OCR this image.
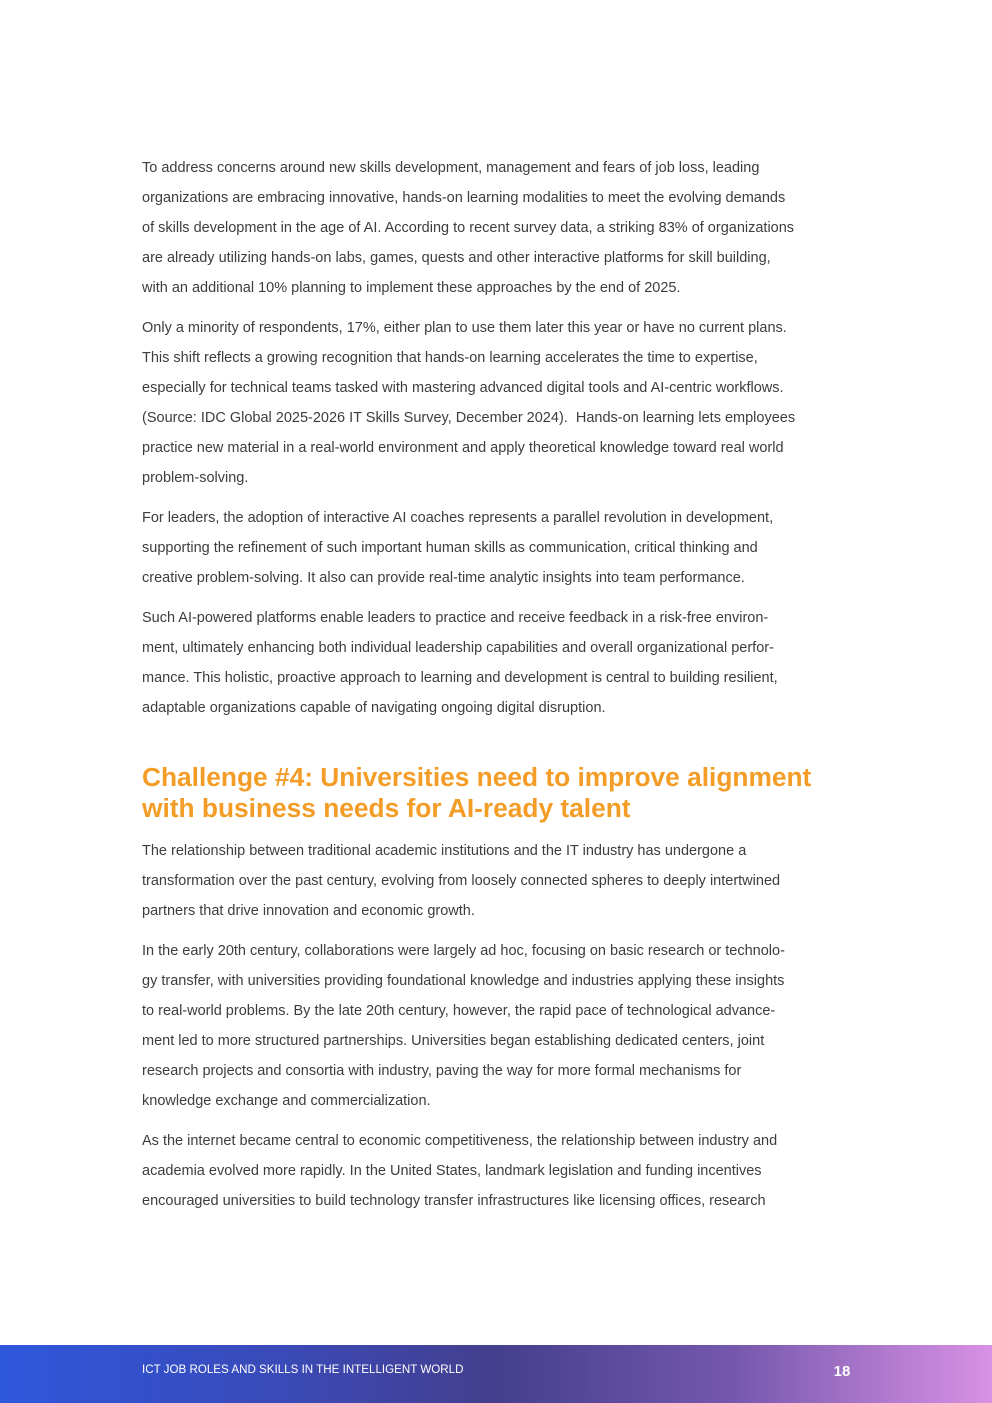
To address concerns around new skills development, management and fears of job loss, leading
organizations are embracing innovative, hands-on learning modalities to meet the evolving demands
of skills development in the age of AI. According to recent survey data, a striking 83% of organizations
are already utilizing hands-on labs, games, quests and other interactive platforms for skill building,
with an additional 10% planning to implement these approaches by the end of 2025.

Only a minority of respondents, 17%, either plan to use them later this year or have no current plans.
This shift reflects a growing recognition that hands-on learning accelerates the time to expertise,
especially for technical teams tasked with mastering advanced digital tools and AI-centric workflows.
(Source: IDC Global 2025-2026 IT Skills Survey, December 2024).  Hands-on learning lets employees
practice new material in a real-world environment and apply theoretical knowledge toward real world
problem-solving.

For leaders, the adoption of interactive AI coaches represents a parallel revolution in development,
supporting the refinement of such important human skills as communication, critical thinking and
creative problem-solving. It also can provide real-time analytic insights into team performance.

Such AI-powered platforms enable leaders to practice and receive feedback in a risk-free environ-
ment, ultimately enhancing both individual leadership capabilities and overall organizational perfor-
mance. This holistic, proactive approach to learning and development is central to building resilient,
adaptable organizations capable of navigating ongoing digital disruption.

Challenge #4: Universities need to improve alignment
with business needs for AI-ready talent

The relationship between traditional academic institutions and the IT industry has undergone a
transformation over the past century, evolving from loosely connected spheres to deeply intertwined
partners that drive innovation and economic growth.

In the early 20th century, collaborations were largely ad hoc, focusing on basic research or technolo-
gy transfer, with universities providing foundational knowledge and industries applying these insights
to real-world problems. By the late 20th century, however, the rapid pace of technological advance-
ment led to more structured partnerships. Universities began establishing dedicated centers, joint
research projects and consortia with industry, paving the way for more formal mechanisms for
knowledge exchange and commercialization.

As the internet became central to economic competitiveness, the relationship between industry and
academia evolved more rapidly. In the United States, landmark legislation and funding incentives
encouraged universities to build technology transfer infrastructures like licensing offices, research

ICT JOB ROLES AND SKILLS IN THE INTELLIGENT WORLD	18
